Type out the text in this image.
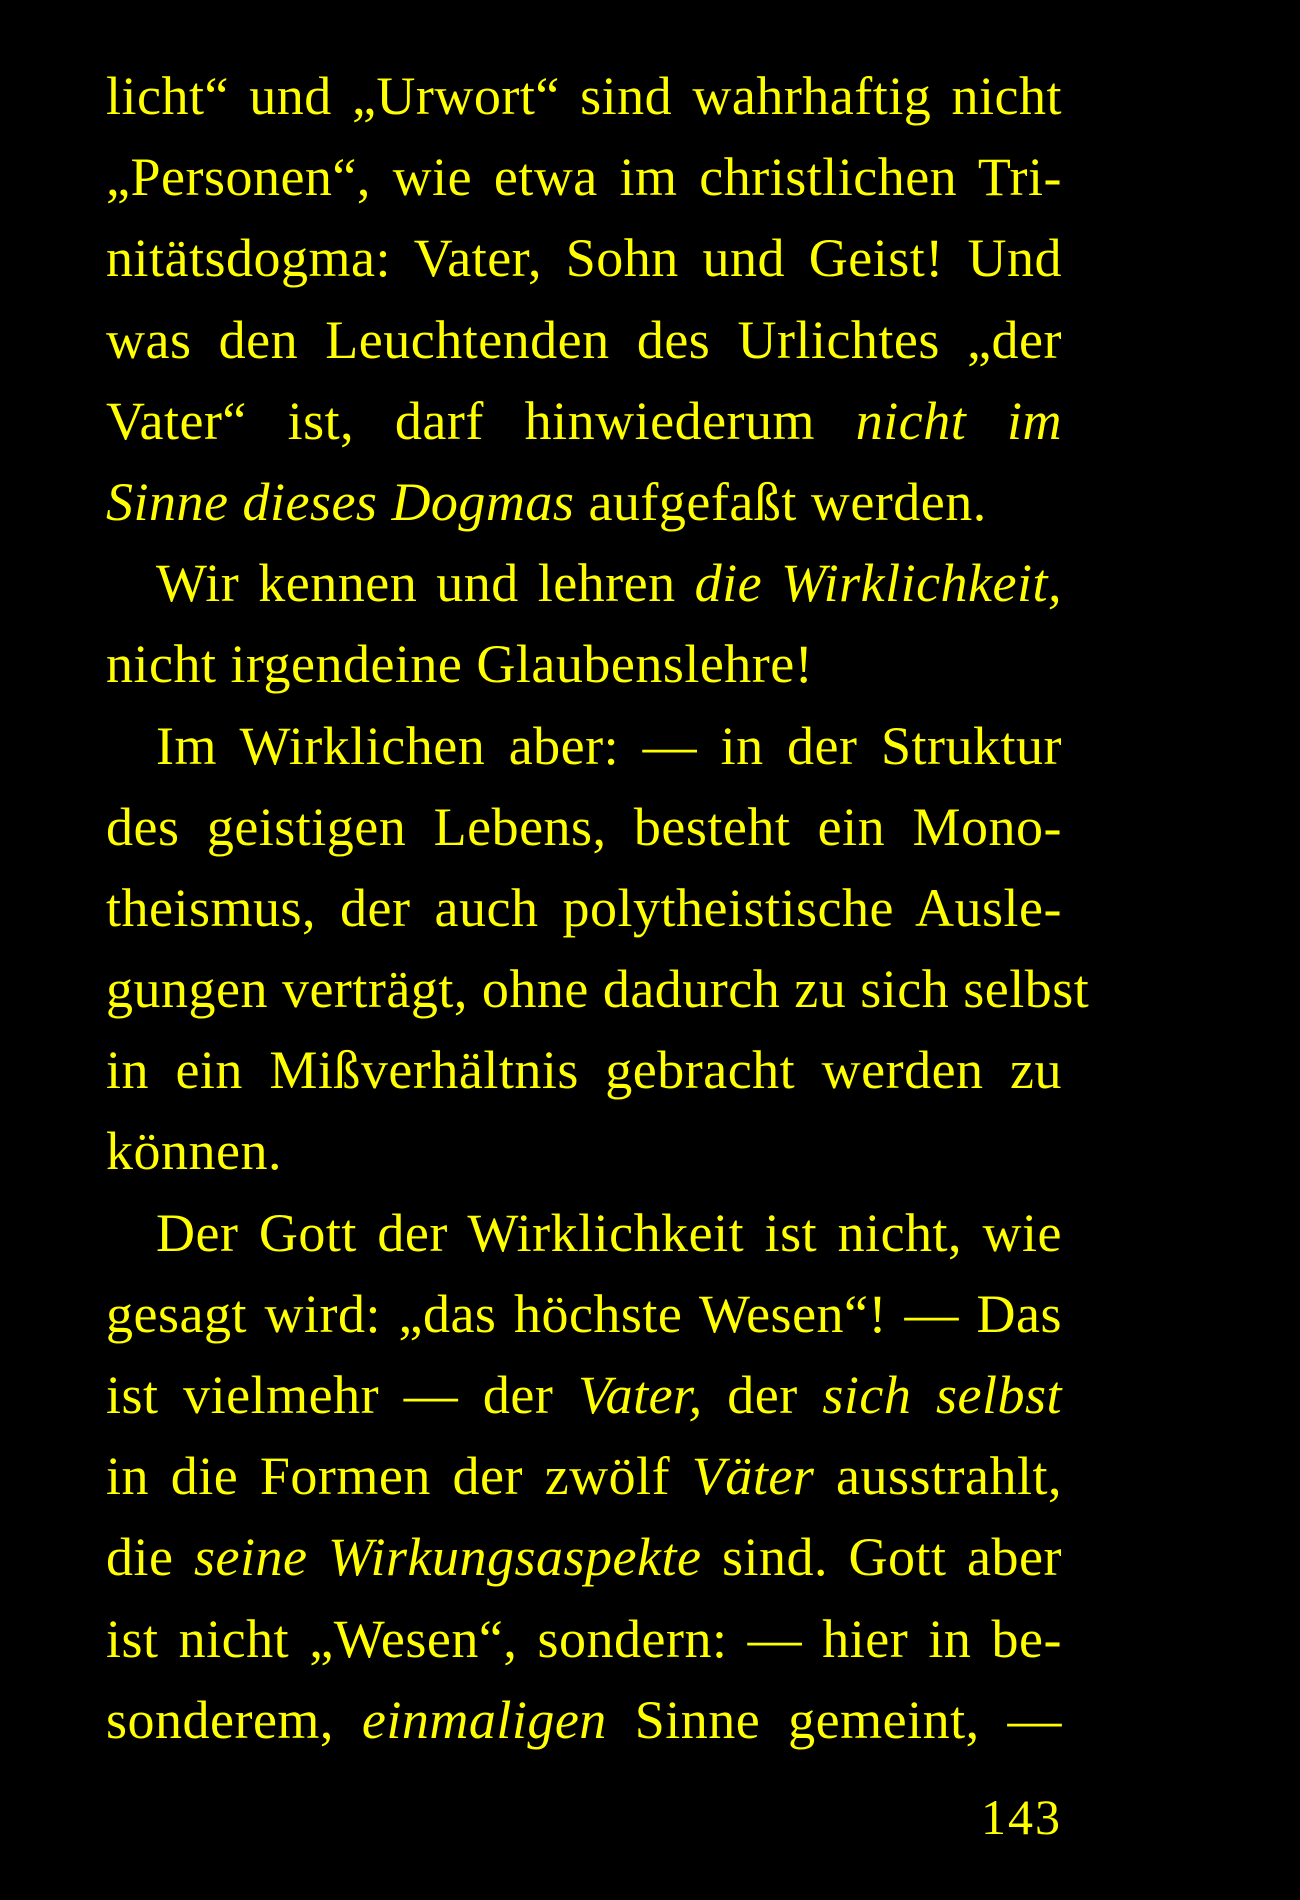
licht“ und „Urwort“ sind wahrhaftig nicht
„Personen“, wie etwa im christlichen Tri-
nitätsdogma: Vater, Sohn und Geist! Und
was den Leuchtenden des Urlichtes „der
Vater“ ist, darf hinwiederum nicht im
Sinne dieses Dogmas aufgefaßt werden.
Wir kennen und lehren die Wirklichkeit,
nicht irgendeine Glaubenslehre!
Im Wirklichen aber: — in der Struktur
des geistigen Lebens, besteht ein Mono-
theismus, der auch polytheistische Ausle-
gungen verträgt, ohne dadurch zu sich selbst
in ein Mißverhältnis gebracht werden zu
können.
Der Gott der Wirklichkeit ist nicht, wie
gesagt wird: „das höchste Wesen“! — Das
ist vielmehr — der Vater, der sich selbst
in die Formen der zwölf Väter ausstrahlt,
die seine Wirkungsaspekte sind. Gott aber
ist nicht „Wesen“, sondern: — hier in be-
sonderem, einmaligen Sinne gemeint, —
143
